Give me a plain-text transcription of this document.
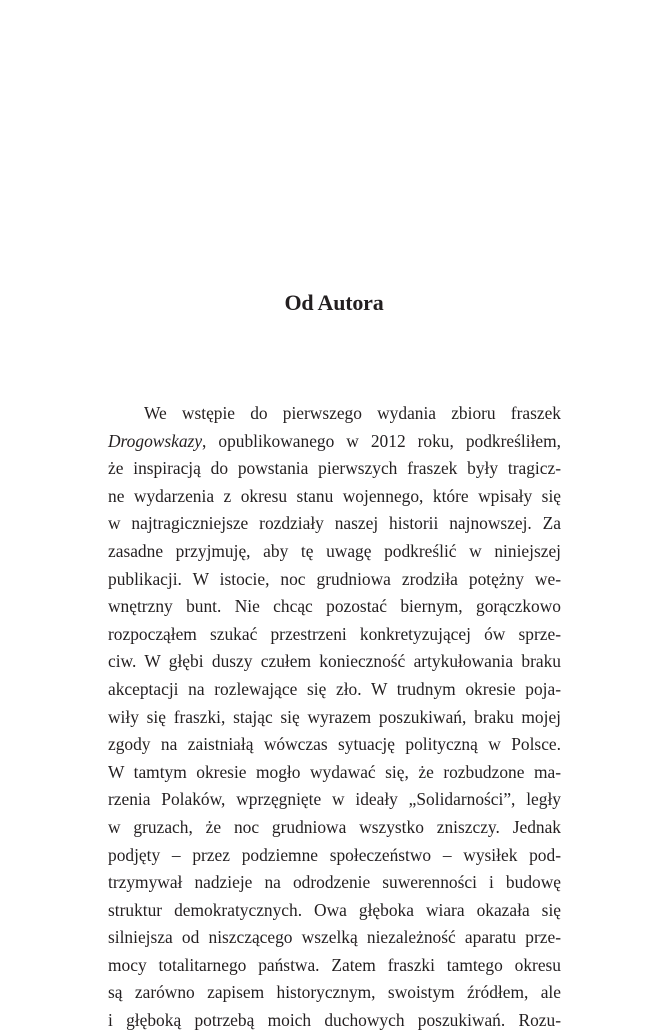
Od Autora
We wstępie do pierwszego wydania zbioru fraszek
Drogowskazy, opublikowanego w 2012 roku, podkreśliłem,
że inspiracją do powstania pierwszych fraszek były tragicz-
ne wydarzenia z okresu stanu wojennego, które wpisały się
w najtragiczniejsze rozdziały naszej historii najnowszej. Za
zasadne przyjmuję, aby tę uwagę podkreślić w niniejszej
publikacji. W istocie, noc grudniowa zrodziła potężny we-
wnętrzny bunt. Nie chcąc pozostać biernym, gorączkowo
rozpocząłem szukać przestrzeni konkretyzującej ów sprze-
ciw. W głębi duszy czułem konieczność artykułowania braku
akceptacji na rozlewające się zło. W trudnym okresie poja-
wiły się fraszki, stając się wyrazem poszukiwań, braku mojej
zgody na zaistniałą wówczas sytuację polityczną w Polsce.
W tamtym okresie mogło wydawać się, że rozbudzone ma-
rzenia Polaków, wprzęgnięte w ideały „Solidarności”, legły
w gruzach, że noc grudniowa wszystko zniszczy. Jednak
podjęty – przez podziemne społeczeństwo – wysiłek pod-
trzymywał nadzieje na odrodzenie suwerenności i budowę
struktur demokratycznych. Owa głęboka wiara okazała się
silniejsza od niszczącego wszelką niezależność aparatu prze-
mocy totalitarnego państwa. Zatem fraszki tamtego okresu
są zarówno zapisem historycznym, swoistym źródłem, ale
i głęboką potrzebą moich duchowych poszukiwań. Rozu-
